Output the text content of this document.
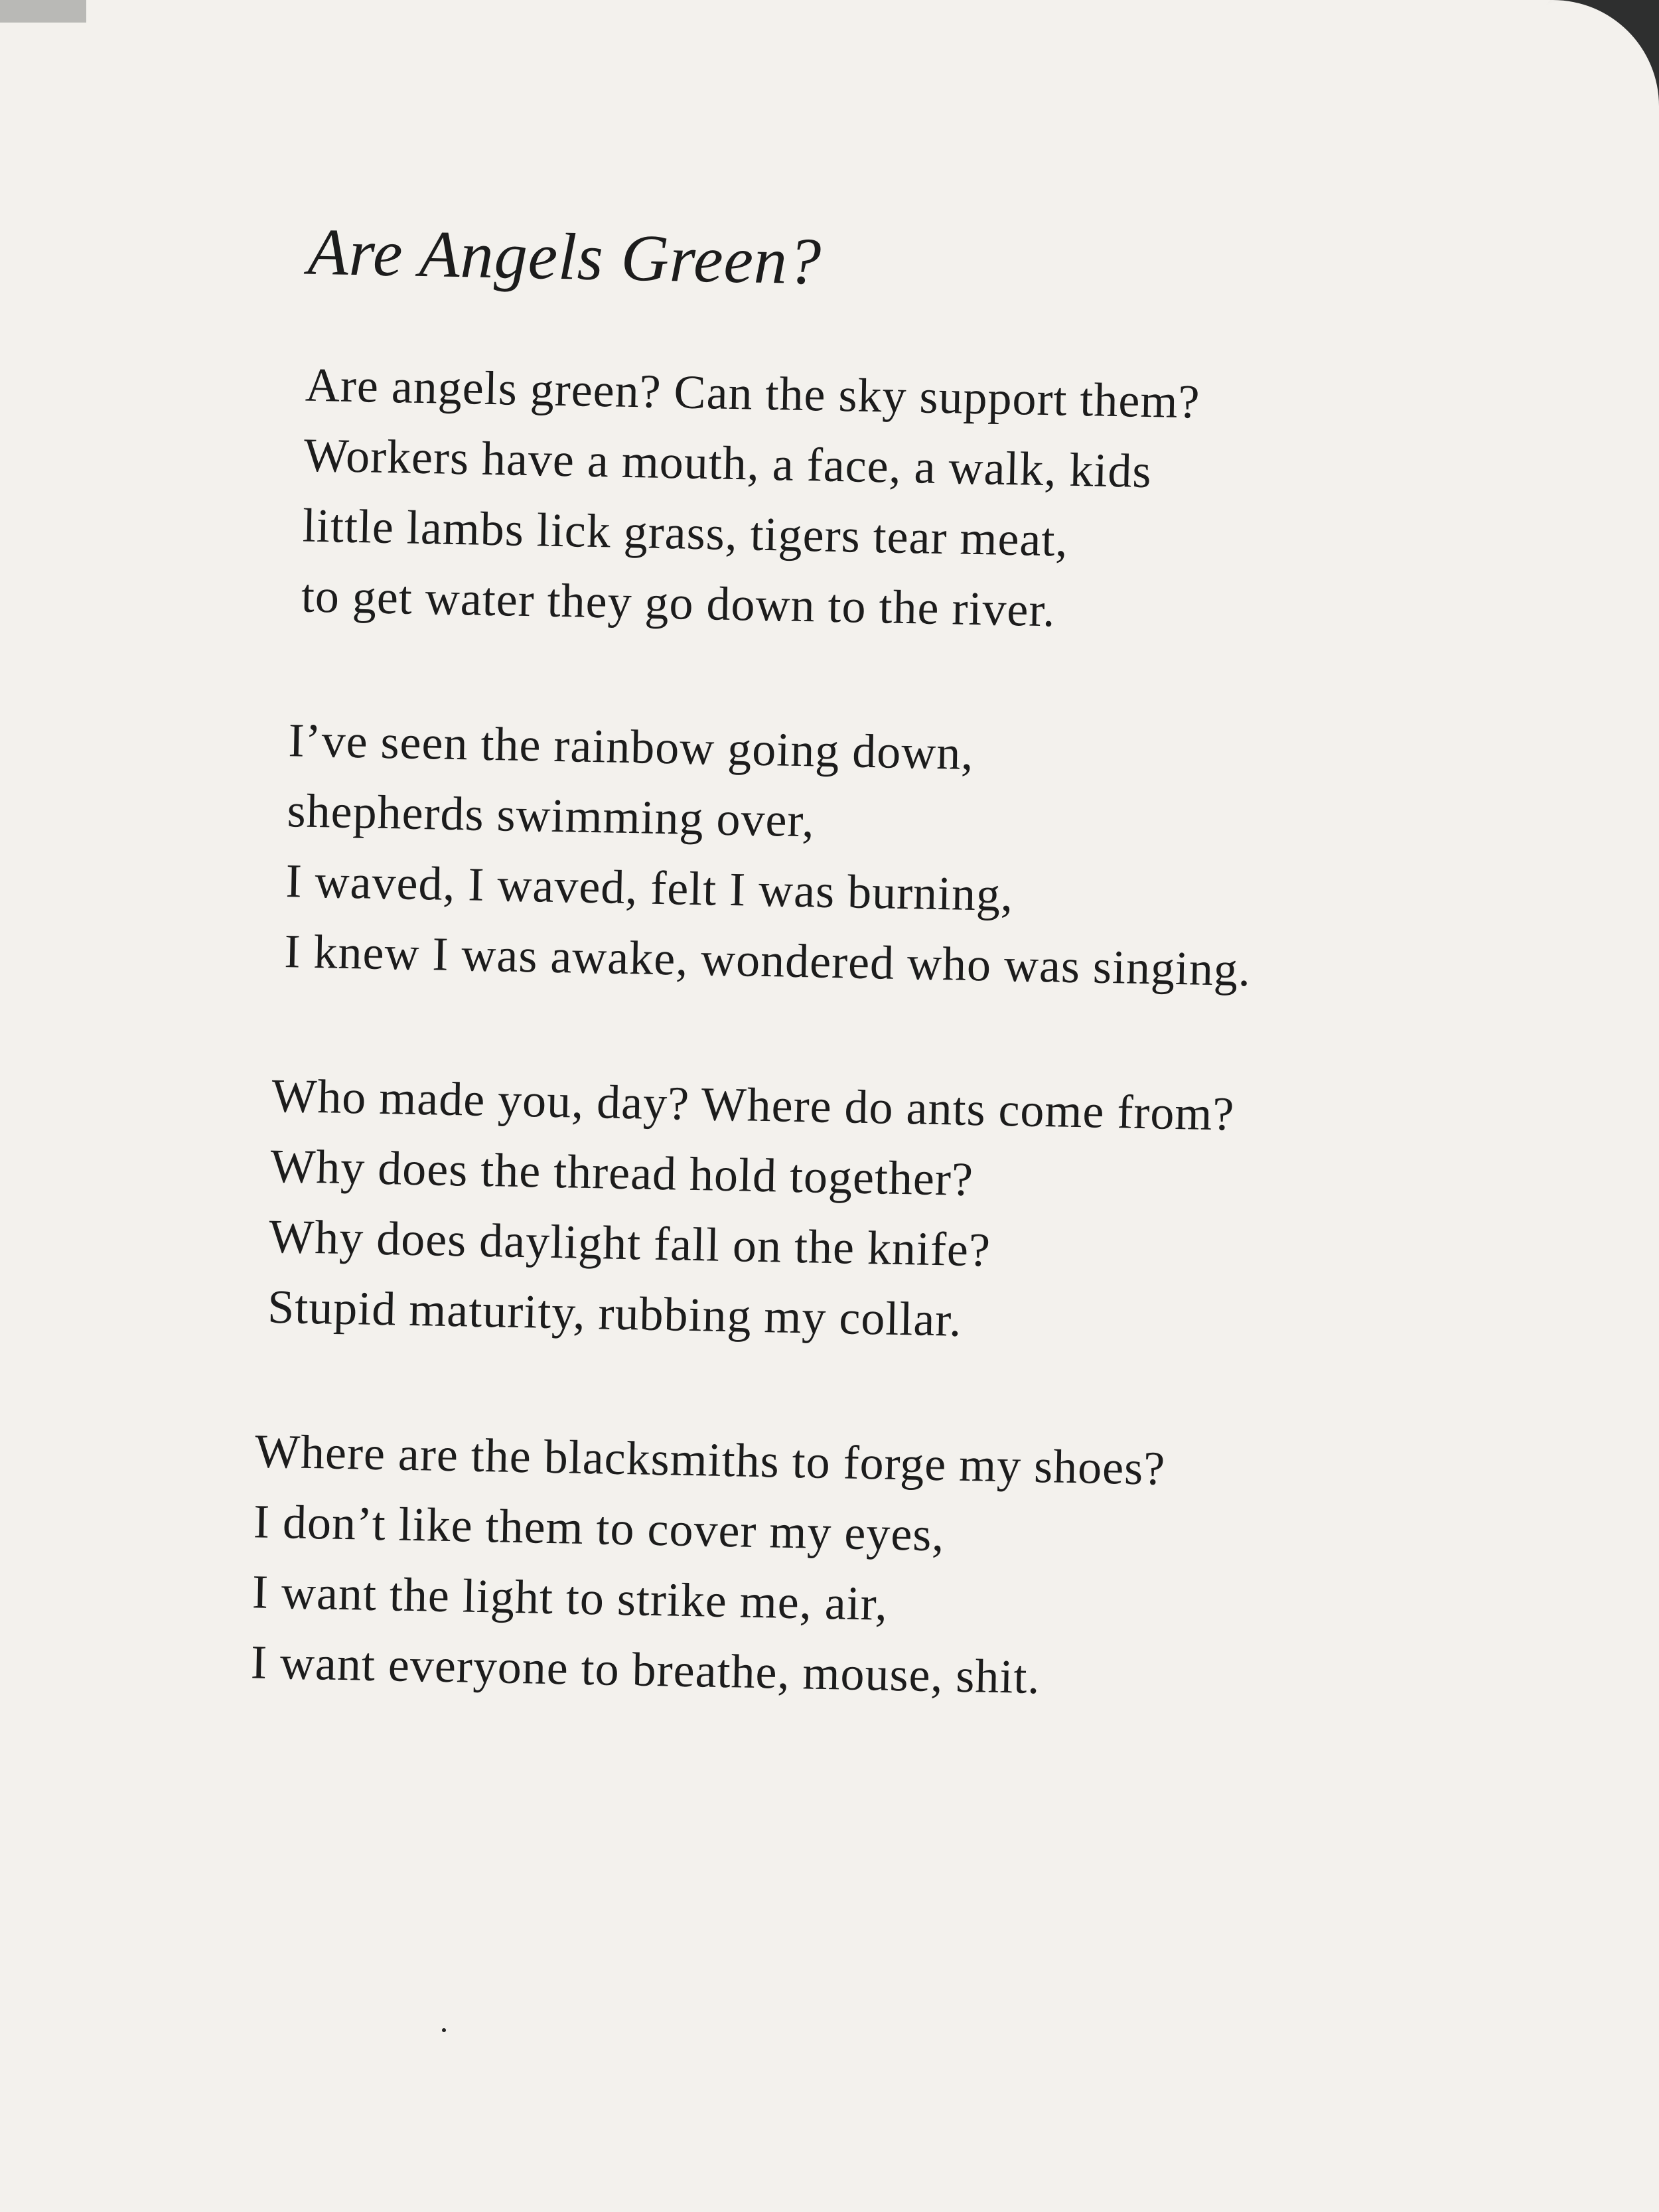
Are Angels Green?
Are angels green? Can the sky support them?
Workers have a mouth, a face, a walk, kids
little lambs lick grass, tigers tear meat,
to get water they go down to the river.
I’ve seen the rainbow going down,
shepherds swimming over,
I waved, I waved, felt I was burning,
I knew I was awake, wondered who was singing.
Who made you, day? Where do ants come from?
Why does the thread hold together?
Why does daylight fall on the knife?
Stupid maturity, rubbing my collar.
Where are the blacksmiths to forge my shoes?
I don’t like them to cover my eyes,
I want the light to strike me, air,
I want everyone to breathe, mouse, shit.
